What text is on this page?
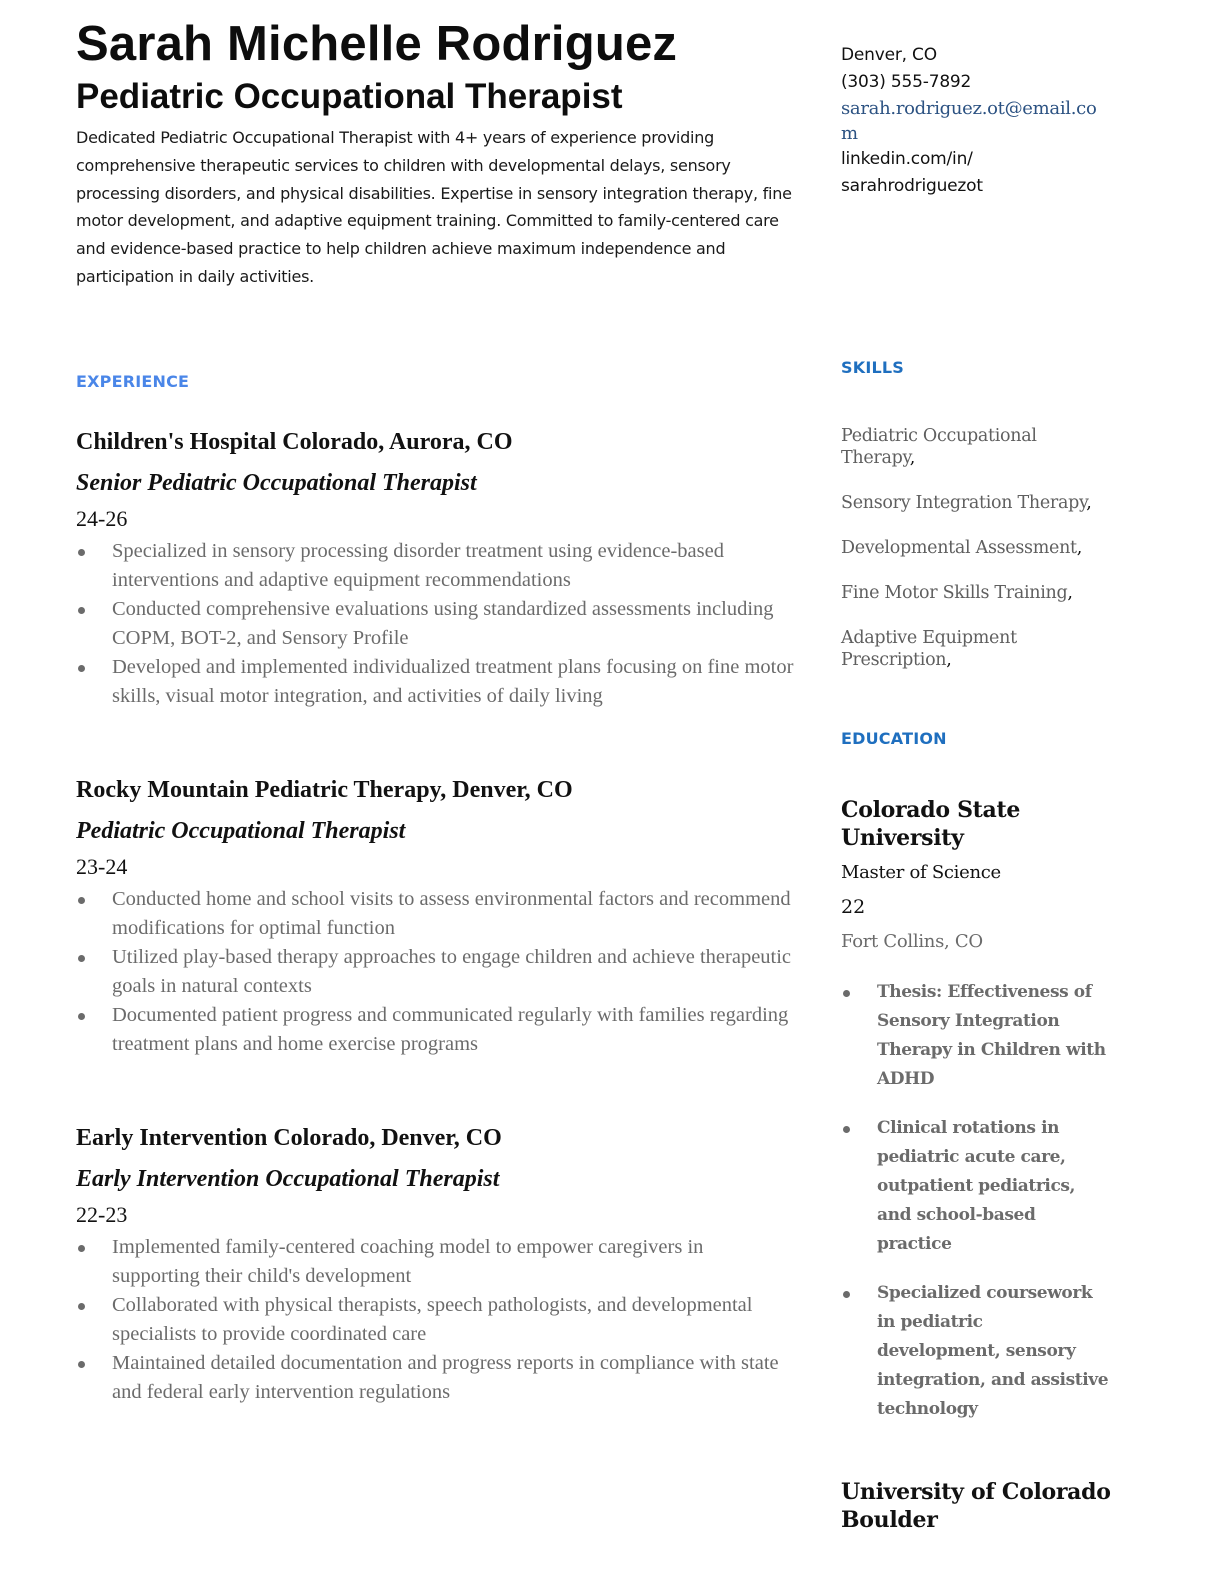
Sarah Michelle Rodriguez
Pediatric Occupational Therapist

Dedicated Pediatric Occupational Therapist with 4+ years of experience providing comprehensive therapeutic services to children with developmental delays, sensory processing disorders, and physical disabilities. Expertise in sensory integration therapy, fine motor development, and adaptive equipment training. Committed to family-centered care and evidence-based practice to help children achieve maximum independence and participation in daily activities.

EXPERIENCE
Children's Hospital Colorado, Aurora, CO
Senior Pediatric Occupational Therapist
24-26
Specialized in sensory processing disorder treatment using evidence-based interventions and adaptive equipment recommendations
Conducted comprehensive evaluations using standardized assessments including COPM, BOT-2, and Sensory Profile
Developed and implemented individualized treatment plans focusing on fine motor skills, visual motor integration, and activities of daily living
Rocky Mountain Pediatric Therapy, Denver, CO
Pediatric Occupational Therapist
23-24
Conducted home and school visits to assess environmental factors and recommend modifications for optimal function
Utilized play-based therapy approaches to engage children and achieve therapeutic goals in natural contexts
Documented patient progress and communicated regularly with families regarding treatment plans and home exercise programs
Early Intervention Colorado, Denver, CO
Early Intervention Occupational Therapist
22-23
Implemented family-centered coaching model to empower caregivers in supporting their child's development
Collaborated with physical therapists, speech pathologists, and developmental specialists to provide coordinated care
Maintained detailed documentation and progress reports in compliance with state and federal early intervention regulations
Denver, CO
(303) 555-7892
sarah.rodriguez.ot@email.com
linkedin.com/in/
sarahrodriguezot
SKILLS
Pediatric Occupational Therapy,
Sensory Integration Therapy,
Developmental Assessment,
Fine Motor Skills Training,
Adaptive Equipment Prescription,
EDUCATION
Colorado State University
Master of Science
22
Fort Collins, CO
Thesis: Effectiveness of Sensory Integration Therapy in Children with ADHD
Clinical rotations in pediatric acute care, outpatient pediatrics, and school-based practice
Specialized coursework in pediatric development, sensory integration, and assistive technology
University of Colorado Boulder
